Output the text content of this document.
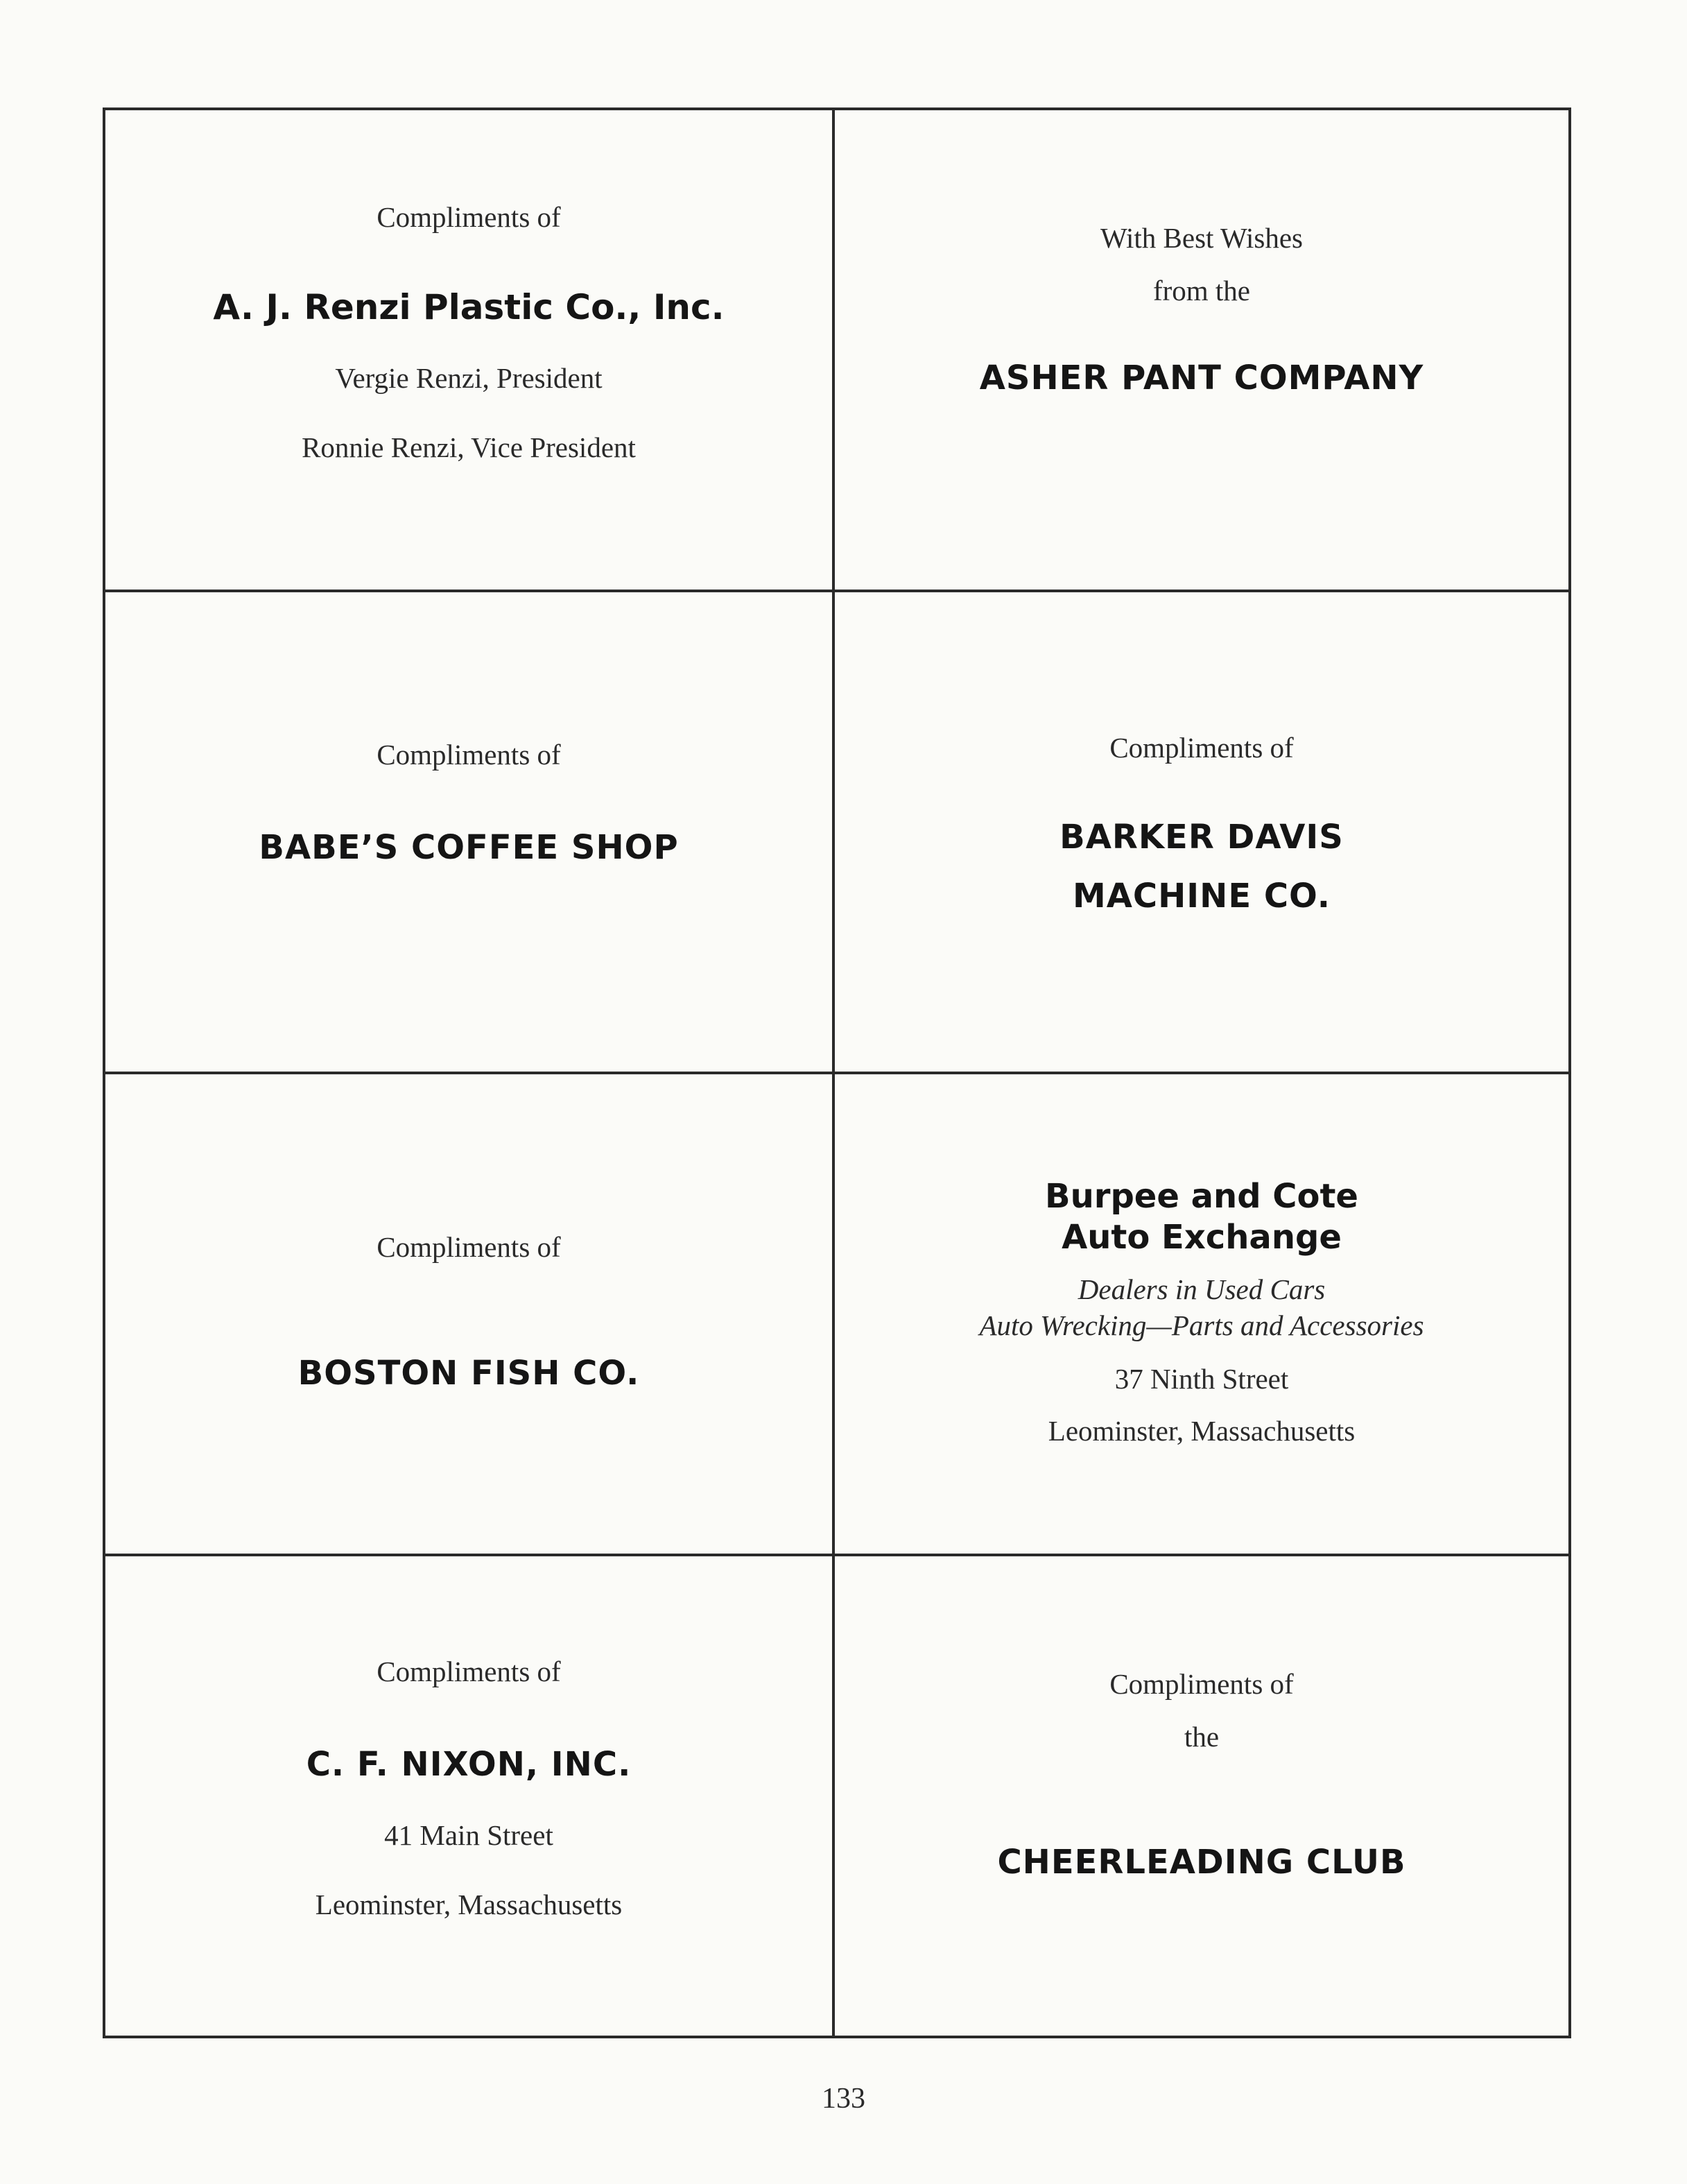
Compliments of
A. J. Renzi Plastic Co., Inc.
Vergie Renzi, President
Ronnie Renzi, Vice President
With Best Wishes
from the
ASHER PANT COMPANY
Compliments of
BABE’S COFFEE SHOP
Compliments of
BARKER DAVIS
MACHINE CO.
Compliments of
BOSTON FISH CO.
Burpee and Cote
Auto Exchange
Dealers in Used Cars
Auto Wrecking—Parts and Accessories
37 Ninth Street
Leominster, Massachusetts
Compliments of
C. F. NIXON, INC.
41 Main Street
Leominster, Massachusetts
Compliments of
the
CHEERLEADING CLUB
133
